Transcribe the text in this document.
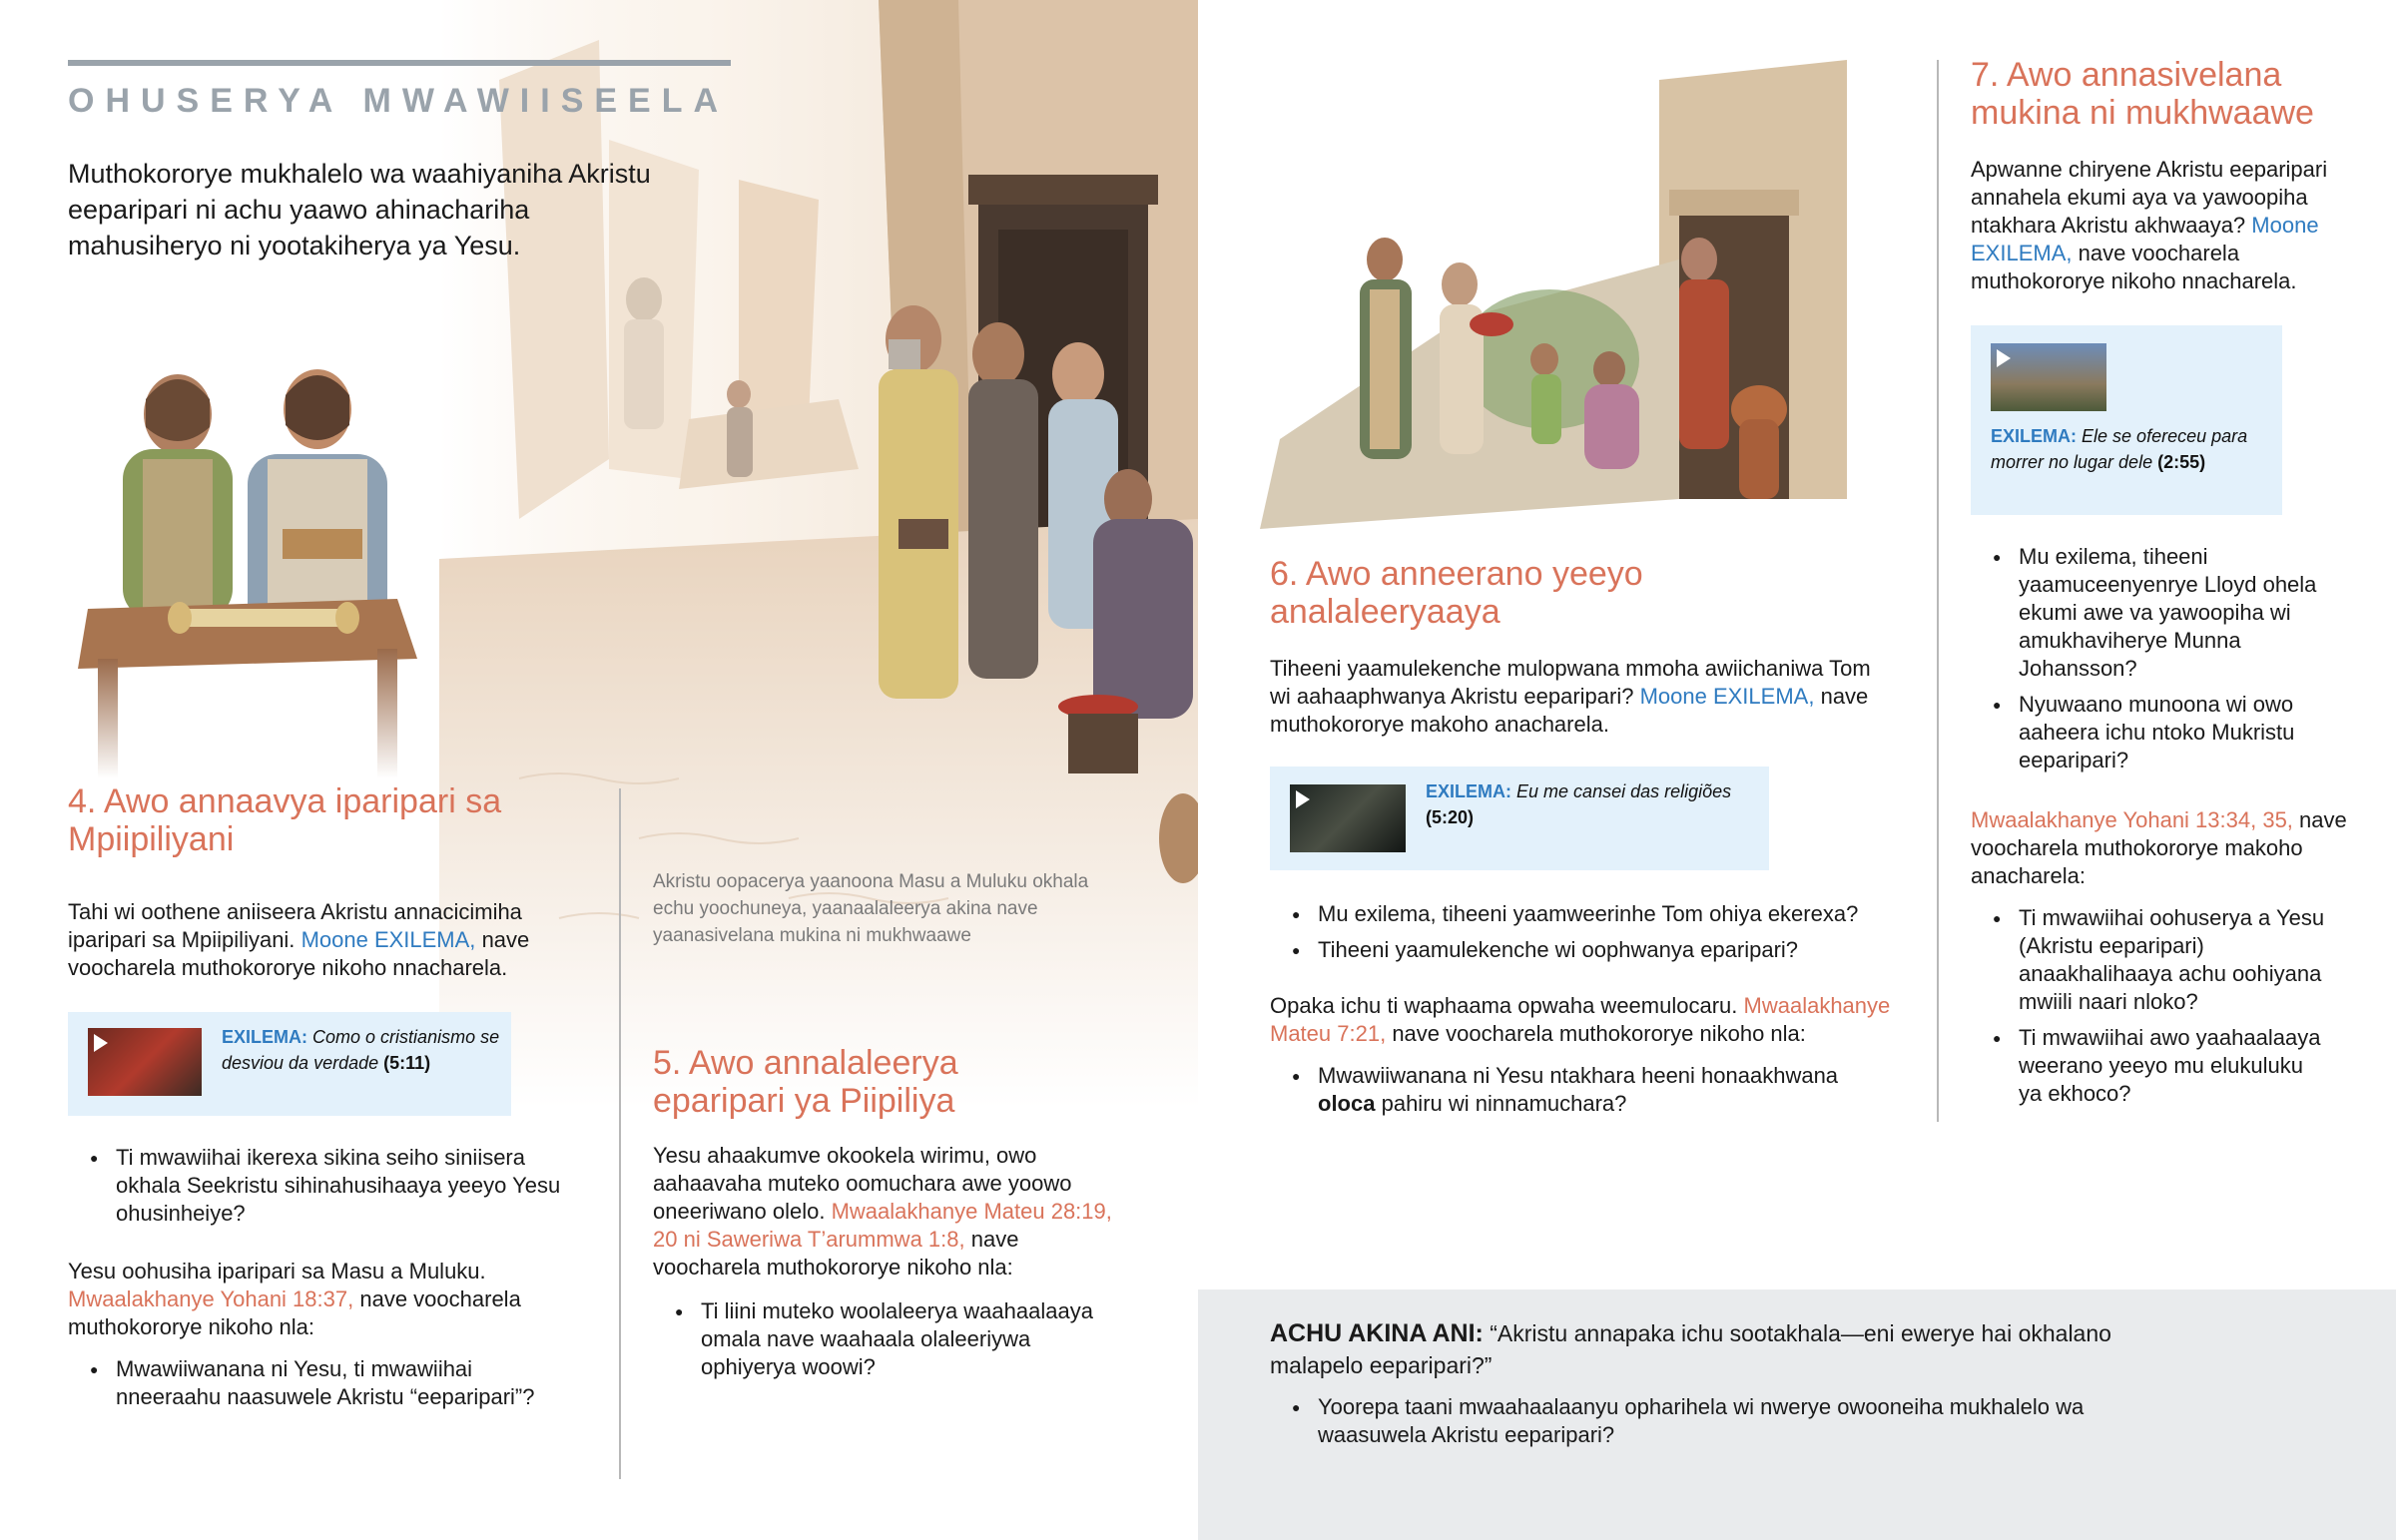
OHUSERYA MWAWIISEELA
Muthokororye mukhalelo wa waahiyaniha Akristu eeparipari ni achu yaawo ahinachariha mahusiheryo ni yootakiherya ya Yesu.
4. Awo annaavya iparipari sa Mpiipiliyani
Tahi wi oothene aniiseera Akristu annacicimiha iparipari sa Mpiipiliyani. Moone EXILEMA, nave voocharela muthokororye nikoho nnacharela.
EXILEMA: Como o cristianismo se desviou da verdade (5:11)
● Ti mwawiihai ikerexa sikina seiho siniisera okhala Seekristu sihinahusihaaya yeeyo Yesu ohusinheiye?
Yesu oohusiha iparipari sa Masu a Muluku. Mwaalakhanye Yohani 18:37, nave voocharela muthokororye nikoho nla:
● Mwawiiwanana ni Yesu, ti mwawiihai nneeraahu naasuwele Akristu “eeparipari”?
Akristu oopacerya yaanoona Masu a Muluku okhala echu yoochuneya, yaanaalaleerya akina nave yaanasivelana mukina ni mukhwaawe
5. Awo annalaleerya eparipari ya Piipiliya
Yesu ahaakumve okookela wirimu, owo aahaavaha muteko oomuchara awe yoowo oneeriwano olelo. Mwaalakhanye Mateu 28:19, 20 ni Saweriwa T’arummwa 1:8, nave voocharela muthokororye nikoho nla:
● Ti liini muteko woolaleerya waahaalaaya omala nave waahaala olaleeriywa ophiyerya woowi?
6. Awo anneerano yeeyo analaleeryaaya
Tiheeni yaamulekenche mulopwana mmoha awiichaniwa Tom wi aahaaphwanya Akristu eeparipari? Moone EXILEMA, nave muthokororye makoho anacharela.
EXILEMA: Eu me cansei das religiões (5:20)
● Mu exilema, tiheeni yaamweerinhe Tom ohiya ekerexa?
● Tiheeni yaamulekenche wi oophwanya eparipari?
Opaka ichu ti waphaama opwaha weemulocaru. Mwaalakhanye Mateu 7:21, nave voocharela muthokororye nikoho nla:
● Mwawiiwanana ni Yesu ntakhara heeni honaakhwana oloca pahiru wi ninnamuchara?
7. Awo annasivelana mukina ni mukhwaawe
Apwanne chiryene Akristu eeparipari annahela ekumi aya va yawoopiha ntakhara Akristu akhwaaya? Moone EXILEMA, nave voocharela muthokororye nikoho nnacharela.
EXILEMA: Ele se ofereceu para morrer no lugar dele (2:55)
● Mu exilema, tiheeni yaamuceenyenrye Lloyd ohela ekumi awe va yawoopiha wi amukhaviherye Munna Johansson?
● Nyuwaano munoona wi owo aaheera ichu ntoko Mukristu eeparipari?
Mwaalakhanye Yohani 13:34, 35, nave voocharela muthokororye makoho anacharela:
● Ti mwawiihai oohuserya a Yesu (Akristu eeparipari) anaakhalihaaya achu oohiyana mwiili naari nloko?
● Ti mwawiihai awo yaahaalaaya weerano yeeyo mu elukuluku ya ekhoco?
ACHU AKINA ANI: “Akristu annapaka ichu sootakhala—eni ewerye hai okhalano malapelo eeparipari?”
● Yoorepa taani mwaahaalaanyu opharihela wi nwerye owooneiha mukhalelo wa waasuwela Akristu eeparipari?
